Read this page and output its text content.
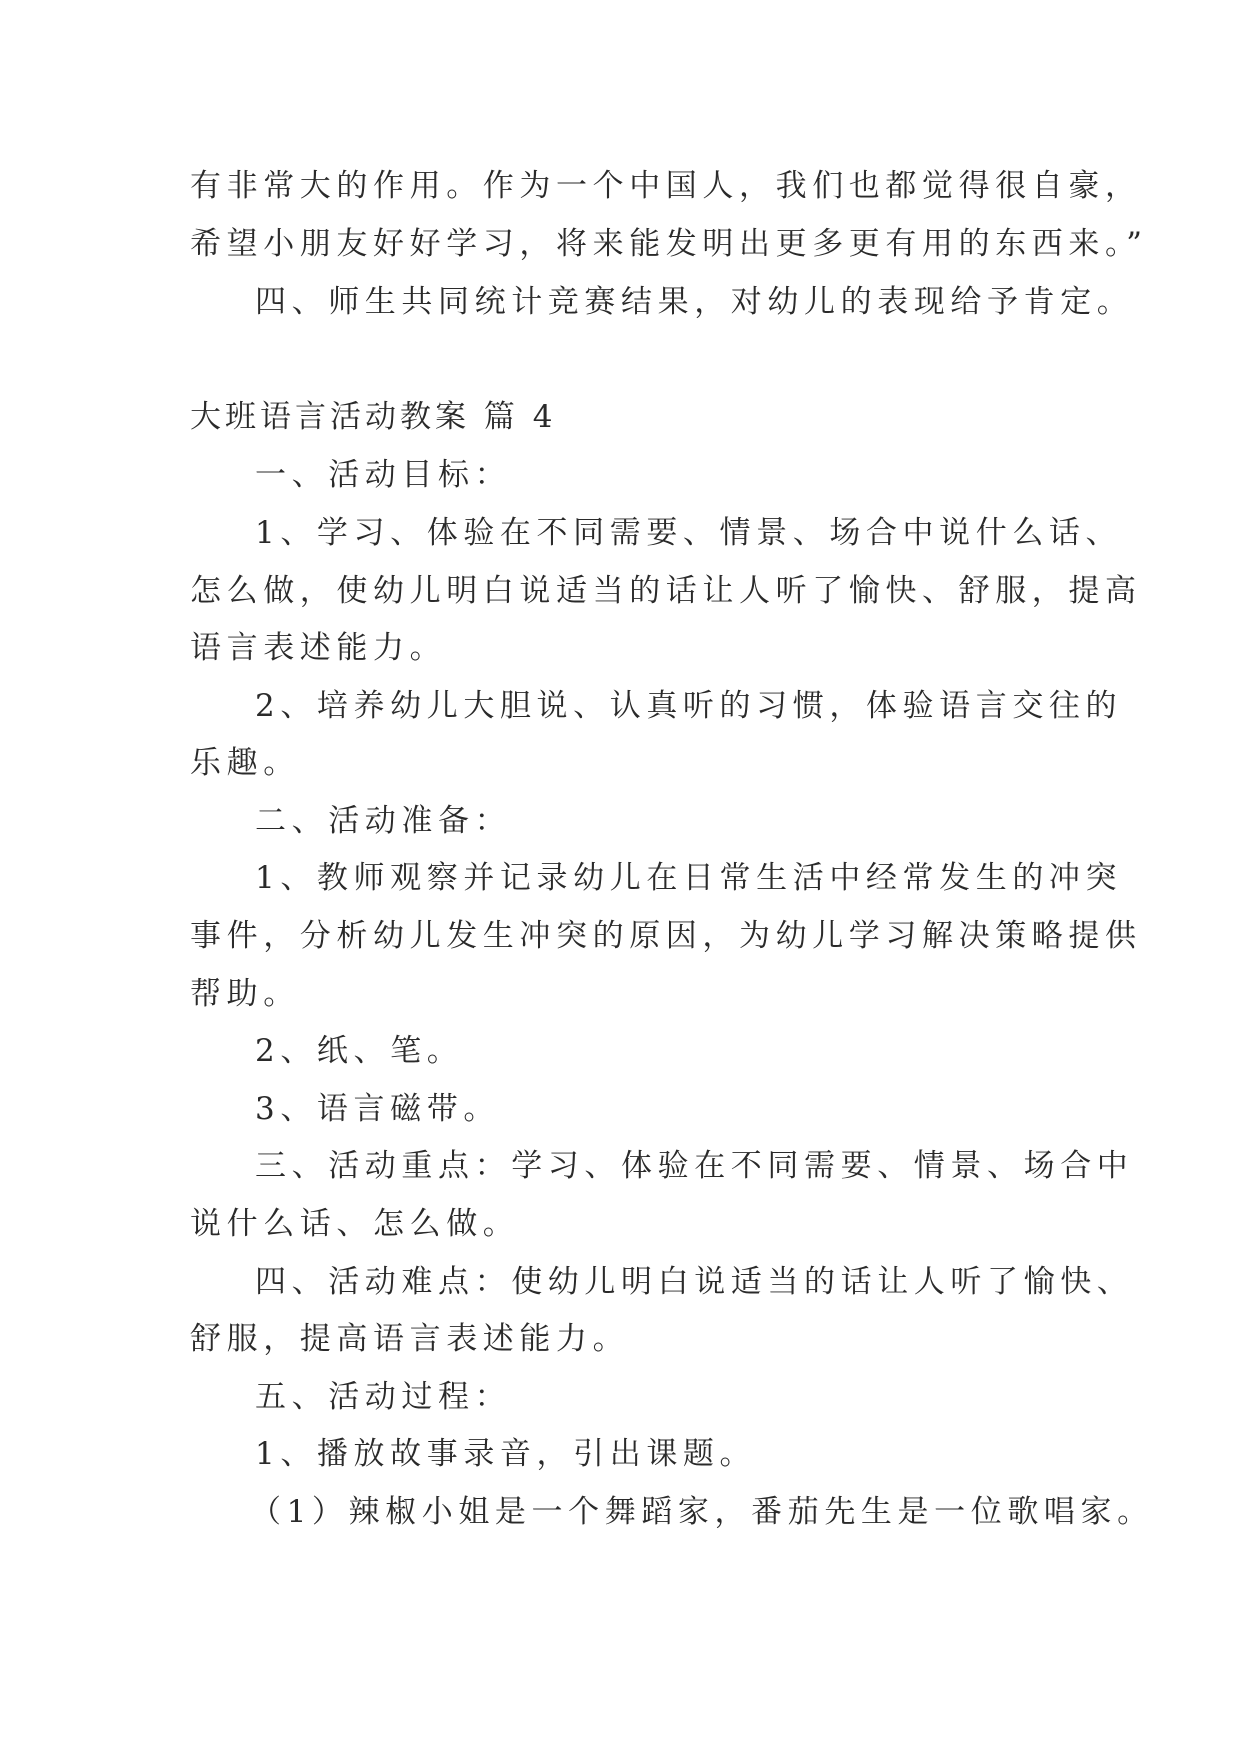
有非常大的作用。作为一个中国人，我们也都觉得很自豪，
希望小朋友好好学习，将来能发明出更多更有用的东西来。”
四、师生共同统计竞赛结果，对幼儿的表现给予肯定。
大班语言活动教案 篇 4
一、活动目标：
1、学习、体验在不同需要、情景、场合中说什么话、
怎么做，使幼儿明白说适当的话让人听了愉快、舒服，提高
语言表述能力。
2、培养幼儿大胆说、认真听的习惯，体验语言交往的
乐趣。
二、活动准备：
1、教师观察并记录幼儿在日常生活中经常发生的冲突
事件，分析幼儿发生冲突的原因，为幼儿学习解决策略提供
帮助。
2、纸、笔。
3、语言磁带。
三、活动重点：学习、体验在不同需要、情景、场合中
说什么话、怎么做。
四、活动难点：使幼儿明白说适当的话让人听了愉快、
舒服，提高语言表述能力。
五、活动过程：
1、播放故事录音，引出课题。
（1）辣椒小姐是一个舞蹈家，番茄先生是一位歌唱家。
